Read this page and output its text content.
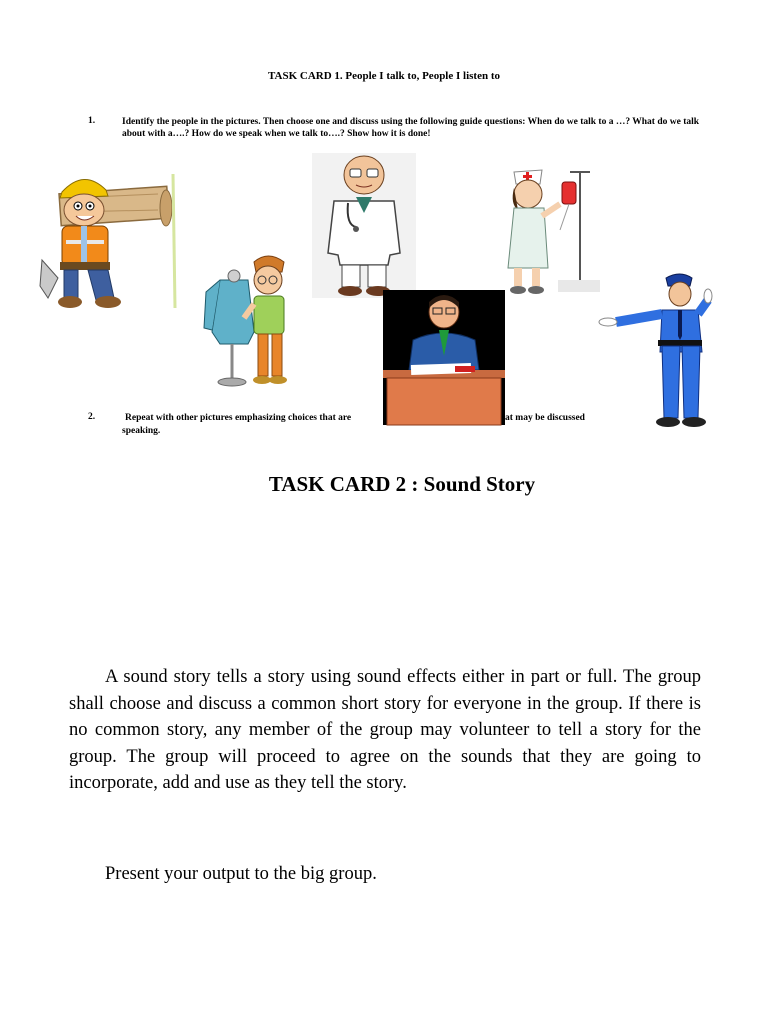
TASK CARD 1. People I talk to, People I listen to
1.	Identify the people in the pictures. Then choose one and discuss using the following guide questions: When do we talk to a …? What do we talk about with a….? How do we speak when we talk to….? Show how it is done!
2.	Repeat with other pictures emphasizing choices that are	at may be discussed
speaking.
TASK CARD 2 : Sound Story
A sound story tells a story using sound effects either in part or full. The group shall choose and discuss a common short story for everyone in the group. If there is no common story, any member of the group may volunteer to tell a story for the group. The group will proceed to agree on the sounds that they are going to incorporate, add and use as they tell the story.
Present your output to the big group.
